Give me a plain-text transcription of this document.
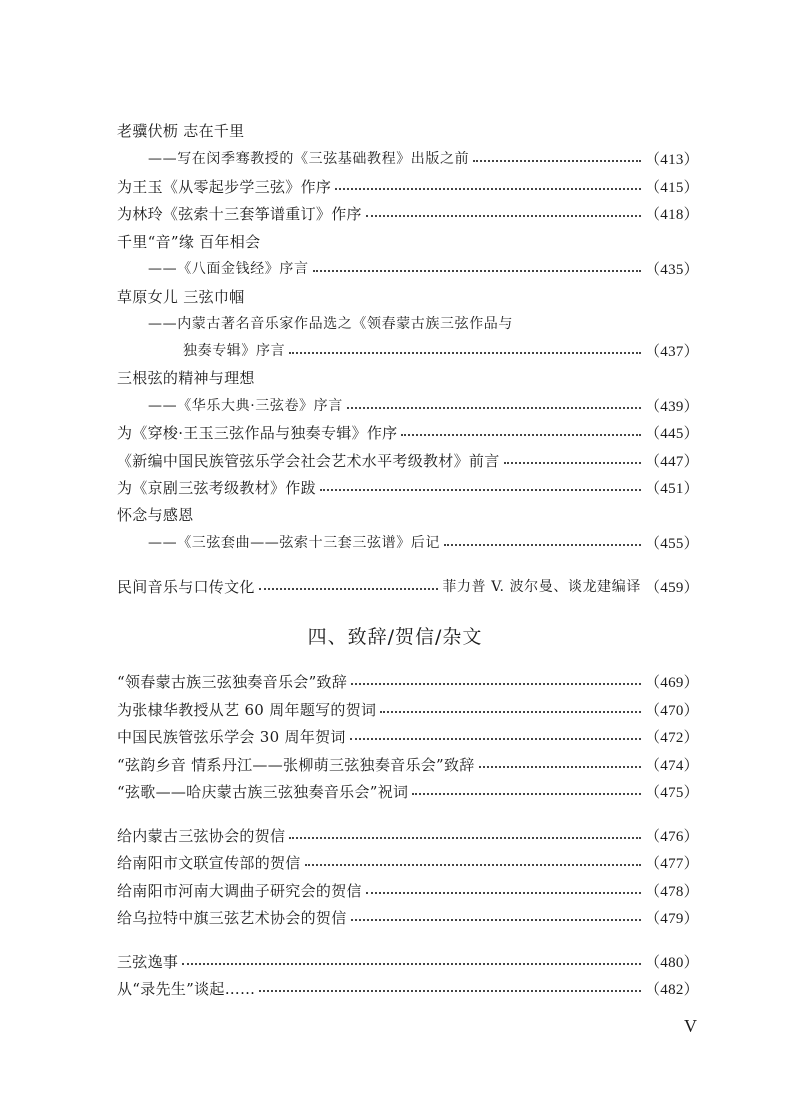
老骥伏枥 志在千里
——写在闵季骞教授的《三弦基础教程》出版之前	（413）
为王玉《从零起步学三弦》作序	（415）
为林玲《弦索十三套筝谱重订》作序	（418）
千里“音”缘 百年相会
——《八面金钱经》序言	（435）
草原女儿 三弦巾帼
——内蒙古著名音乐家作品选之《领春蒙古族三弦作品与
独奏专辑》序言	（437）
三根弦的精神与理想
——《华乐大典·三弦卷》序言	（439）
为《穿梭·王玉三弦作品与独奏专辑》作序	（445）
《新编中国民族管弦乐学会社会艺术水平考级教材》前言	（447）
为《京剧三弦考级教材》作跋	（451）
怀念与感恩
——《三弦套曲——弦索十三套三弦谱》后记	（455）
民间音乐与口传文化	菲力普 V. 波尔曼、谈龙建编译 （459）
四、致辞/贺信/杂文
“领春蒙古族三弦独奏音乐会”致辞	（469）
为张棣华教授从艺 60 周年题写的贺词	（470）
中国民族管弦乐学会 30 周年贺词	（472）
“弦韵乡音 情系丹江——张柳萌三弦独奏音乐会”致辞	（474）
“弦歌——哈庆蒙古族三弦独奏音乐会”祝词	（475）
给内蒙古三弦协会的贺信	（476）
给南阳市文联宣传部的贺信	（477）
给南阳市河南大调曲子研究会的贺信	（478）
给乌拉特中旗三弦艺术协会的贺信	（479）
三弦逸事	（480）
从“录先生”谈起……	（482）
V
